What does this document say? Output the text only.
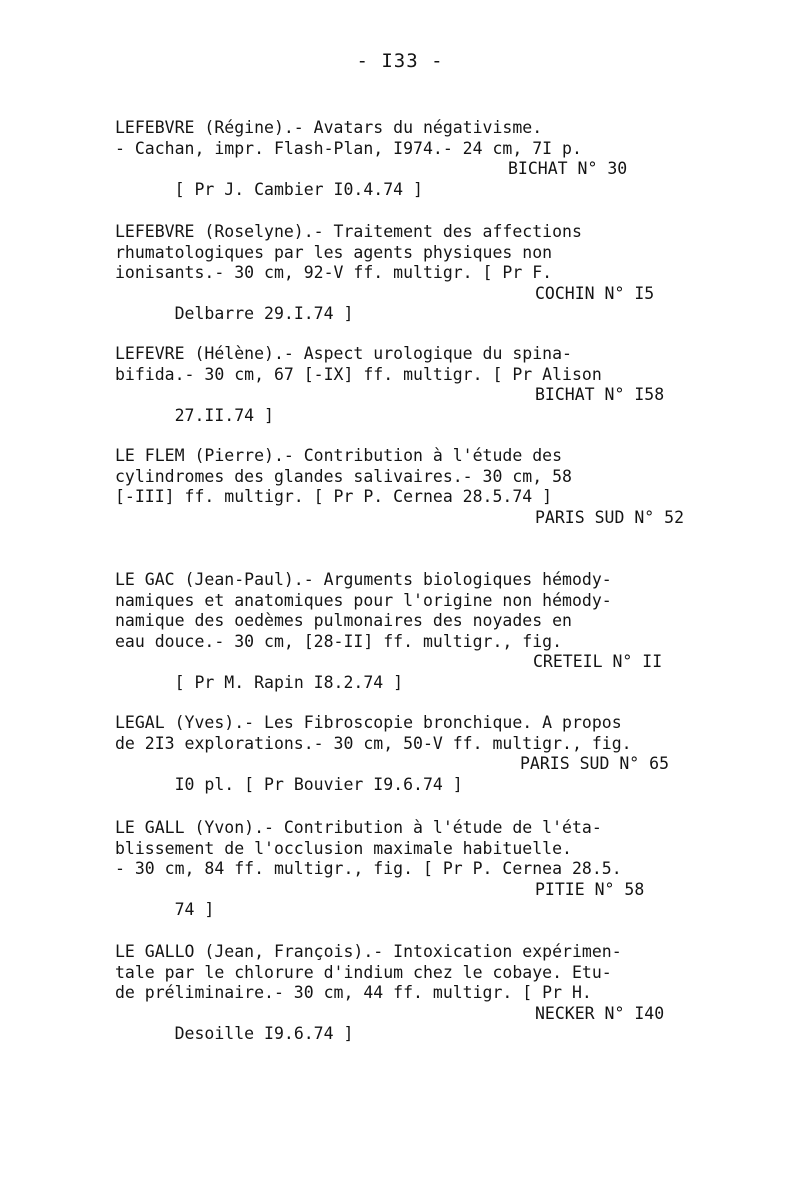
- I33 -
LEFEBVRE (Régine).- Avatars du négativisme.
- Cachan, impr. Flash-Plan, I974.- 24 cm, 7I p.

[ Pr J. Cambier I0.4.74 ]

BICHAT N° 30

LEFEBVRE (Roselyne).- Traitement des affections
rhumatologiques par les agents physiques non
ionisants.- 30 cm, 92-V ff. multigr. [ Pr F.

Delbarre 29.I.74 ]

COCHIN N° I5

LEFEVRE (Hélène).- Aspect urologique du spina-
bifida.- 30 cm, 67 [-IX] ff. multigr. [ Pr Alison

27.II.74 ]

BICHAT N° I58

LE FLEM (Pierre).- Contribution à l'étude des
cylindromes des glandes salivaires.- 30 cm, 58
[-III] ff. multigr. [ Pr P. Cernea 28.5.74 ]

PARIS SUD N° 52

LE GAC (Jean-Paul).- Arguments biologiques hémody-
namiques et anatomiques pour l'origine non hémody-
namique des oedèmes pulmonaires des noyades en
eau douce.- 30 cm, [28-II] ff. multigr., fig.

[ Pr M. Rapin I8.2.74 ]

CRETEIL N° II

LEGAL (Yves).- Les Fibroscopie bronchique. A propos
de 2I3 explorations.- 30 cm, 50-V ff. multigr., fig.

I0 pl. [ Pr Bouvier I9.6.74 ]

PARIS SUD N° 65

LE GALL (Yvon).- Contribution à l'étude de l'éta-
blissement de l'occlusion maximale habituelle.
- 30 cm, 84 ff. multigr., fig. [ Pr P. Cernea 28.5.

74 ]

PITIE N° 58

LE GALLO (Jean, François).- Intoxication expérimen-
tale par le chlorure d'indium chez le cobaye. Etu-
de préliminaire.- 30 cm, 44 ff. multigr. [ Pr H.

Desoille I9.6.74 ]

NECKER N° I40
